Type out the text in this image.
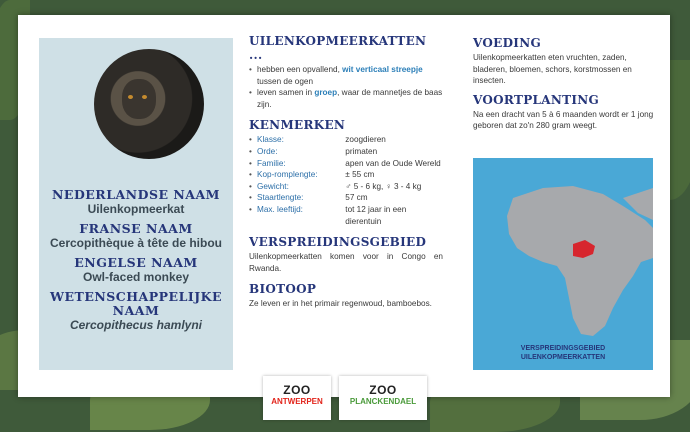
NEDERLANDSE NAAM
Uilenkopmeerkat
FRANSE NAAM
Cercopithèque à tête de hibou
ENGELSE NAAM
Owl-faced monkey
WETENSCHAPPELIJKE NAAM
Cercopithecus hamlyni
UILENKOPMEERKATTEN ...
• hebben een opvallend, wit verticaal streepje tussen de ogen
• leven samen in groep, waar de mannetjes de baas zijn.
KENMERKEN
• Klasse:	zoogdieren
• Orde:	primaten
• Familie:	apen van de Oude Wereld
• Kop-romplengte:	± 55 cm
• Gewicht:	♂ 5 - 6 kg, ♀ 3 - 4 kg
• Staartlengte:	57 cm
• Max. leeftijd:	tot 12 jaar in een dierentuin
VERSPREIDINGSGEBIED
Uilenkopmeerkatten komen voor in Congo en Rwanda.
BIOTOOP
Ze leven er in het primair regenwoud, bamboebos.
VOEDING
Uilenkopmeerkatten eten vruchten, zaden, bladeren, bloemen, schors, korstmossen en insecten.
VOORTPLANTING
Na een dracht van 5 à 6 maanden wordt er 1 jong geboren dat zo'n 280 gram weegt.
VERSPREIDINGSGEBIED
UILENKOPMEERKATTEN
ZOO
ANTWERPEN
ZOO
PLANCKENDAEL
